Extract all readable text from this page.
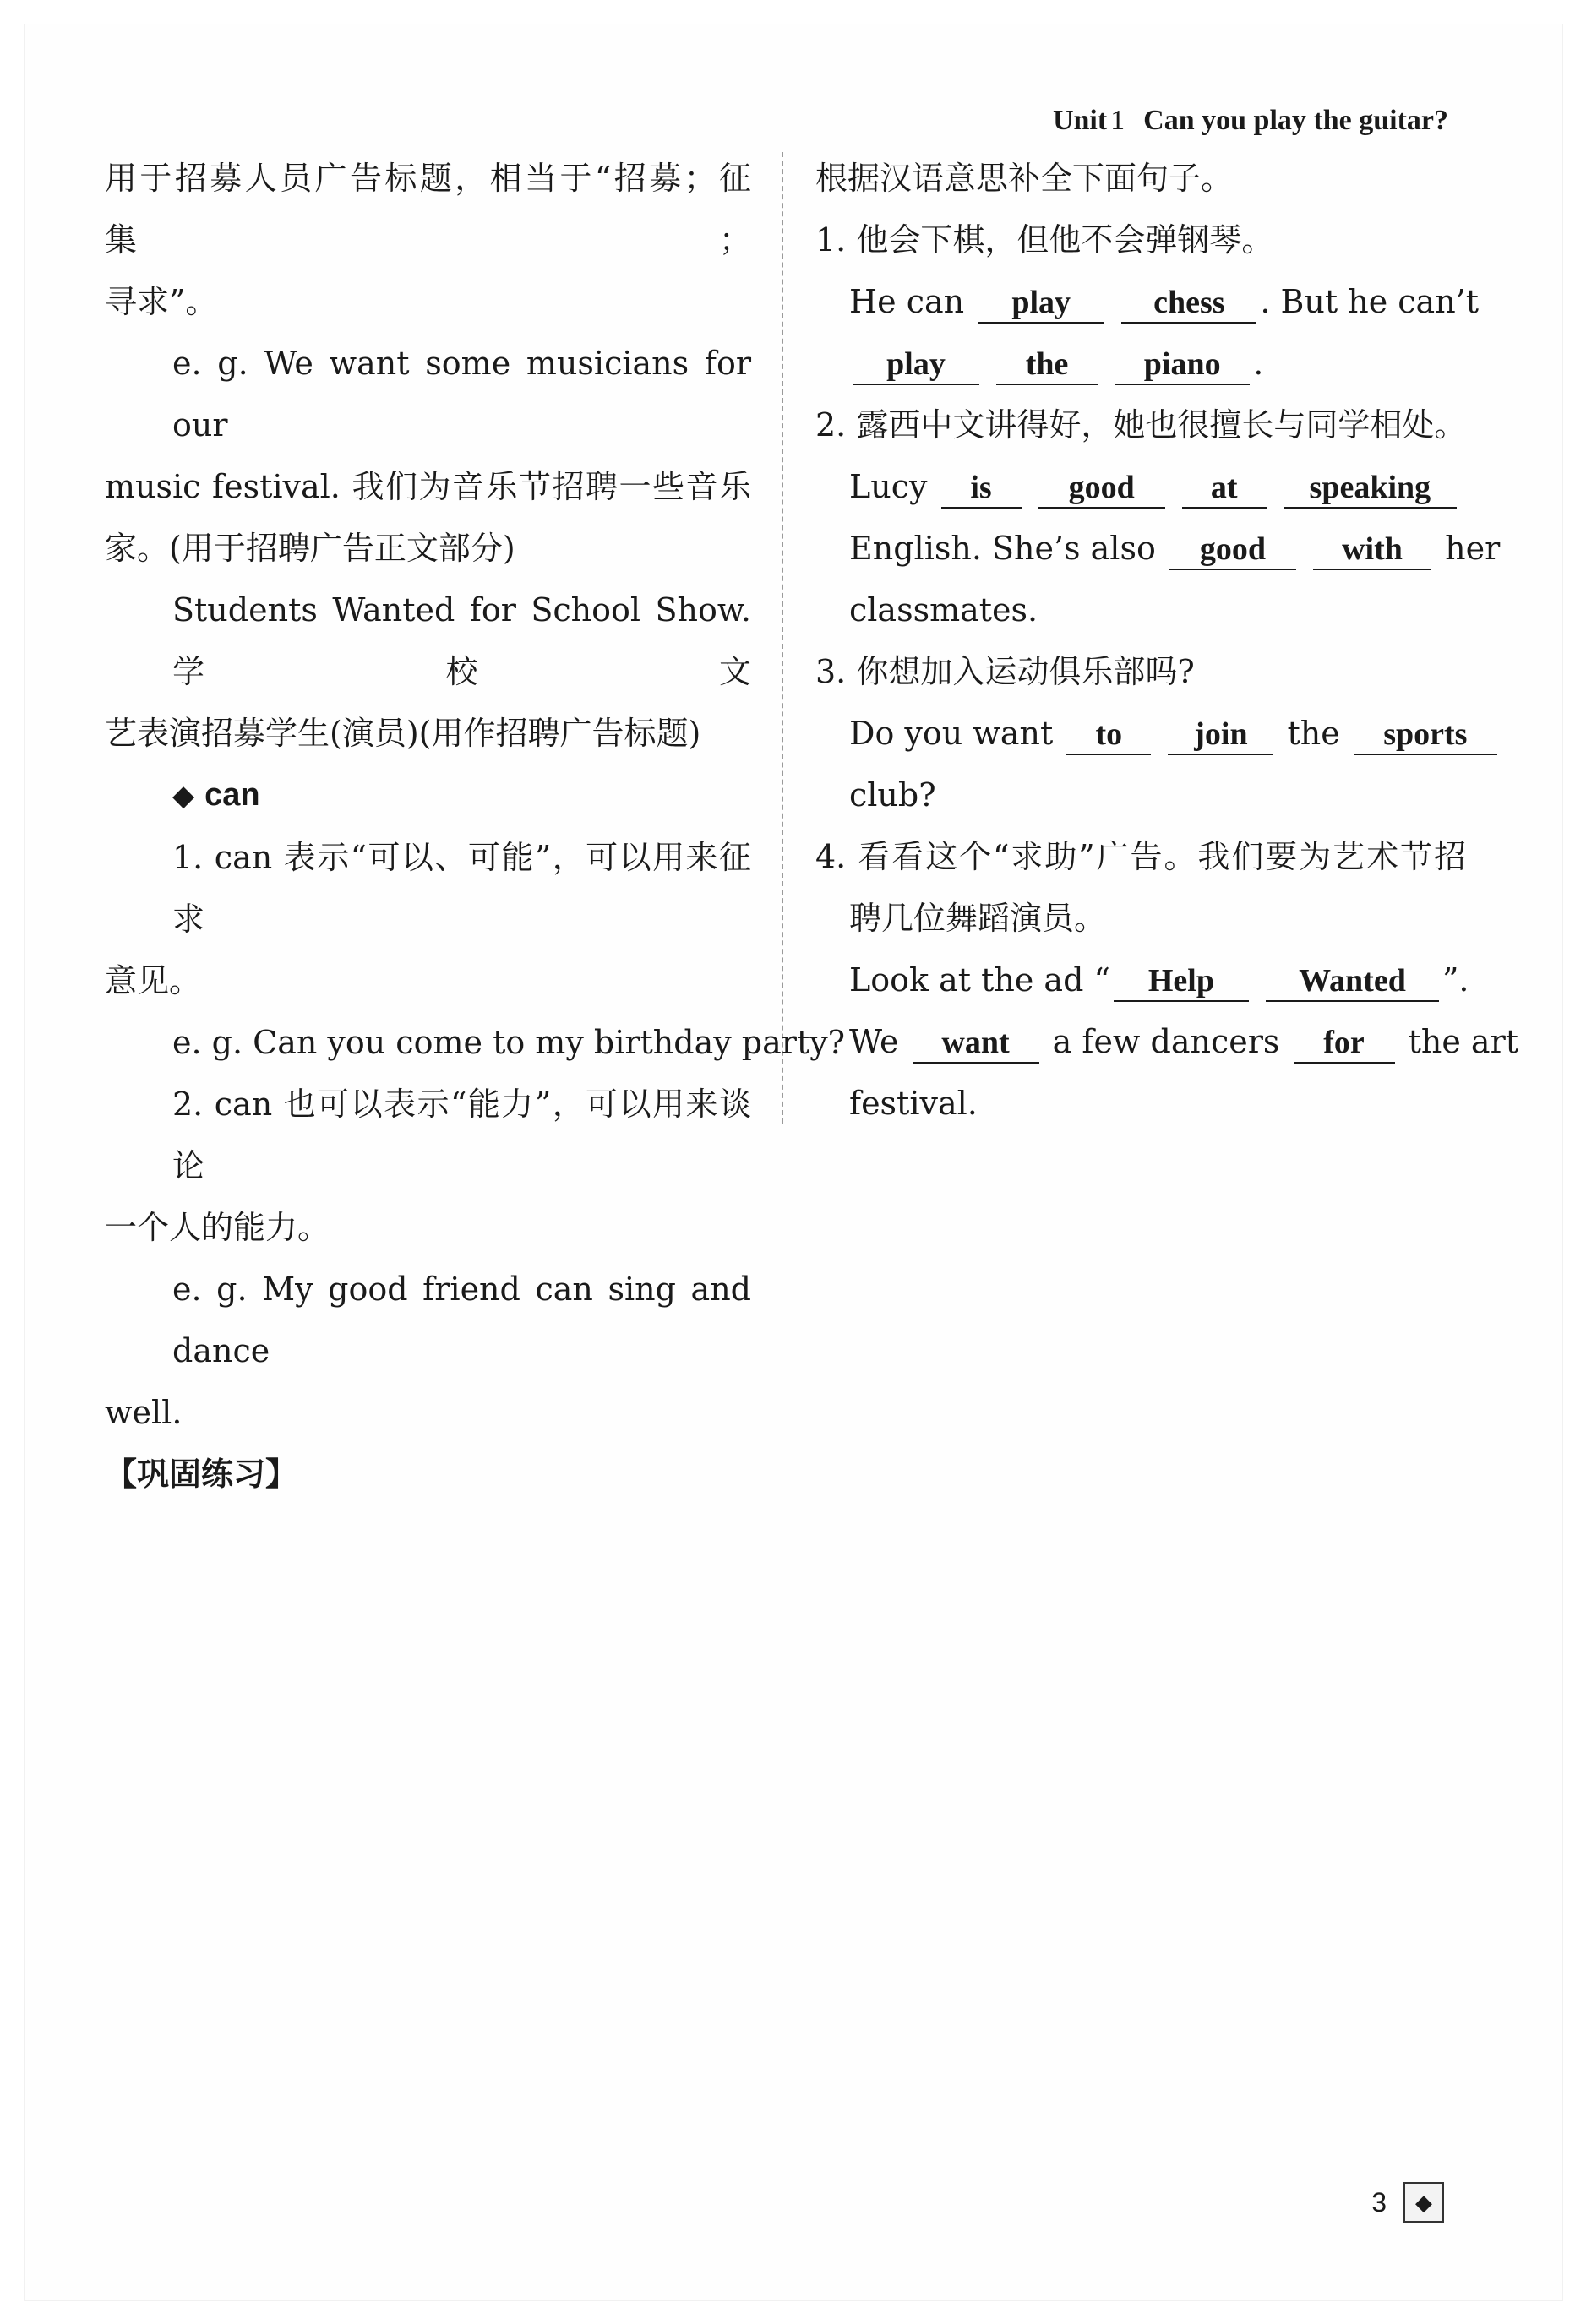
Unit 1 Can you play the guitar?
用于招募人员广告标题，相当于“招募；征集；
寻求”。
e. g. We want some musicians for our
music festival. 我们为音乐节招聘一些音乐
家。(用于招聘广告正文部分)
Students Wanted for School Show. 学校文
艺表演招募学生(演员)(用作招聘广告标题)
◆ can
1. can 表示“可以、可能”，可以用来征求
意见。
e. g. Can you come to my birthday party?
2. can 也可以表示“能力”，可以用来谈论
一个人的能力。
e. g. My good friend can sing and dance
well.
【巩固练习】
根据汉语意思补全下面句子。
1. 他会下棋，但他不会弹钢琴。
He can play	chess . But he can’t
play the piano .
2. 露西中文讲得好，她也很擅长与同学相处。
Lucy is good at speaking
English. She’s also good with her
classmates.
3. 你想加入运动俱乐部吗?
Do you want to join the sports
club?
4. 看看这个“求助”广告。我们要为艺术节招
聘几位舞蹈演员。
Look at the ad “ Help	Wanted ”.
We want a few dancers for the art
festival.
3	◆
